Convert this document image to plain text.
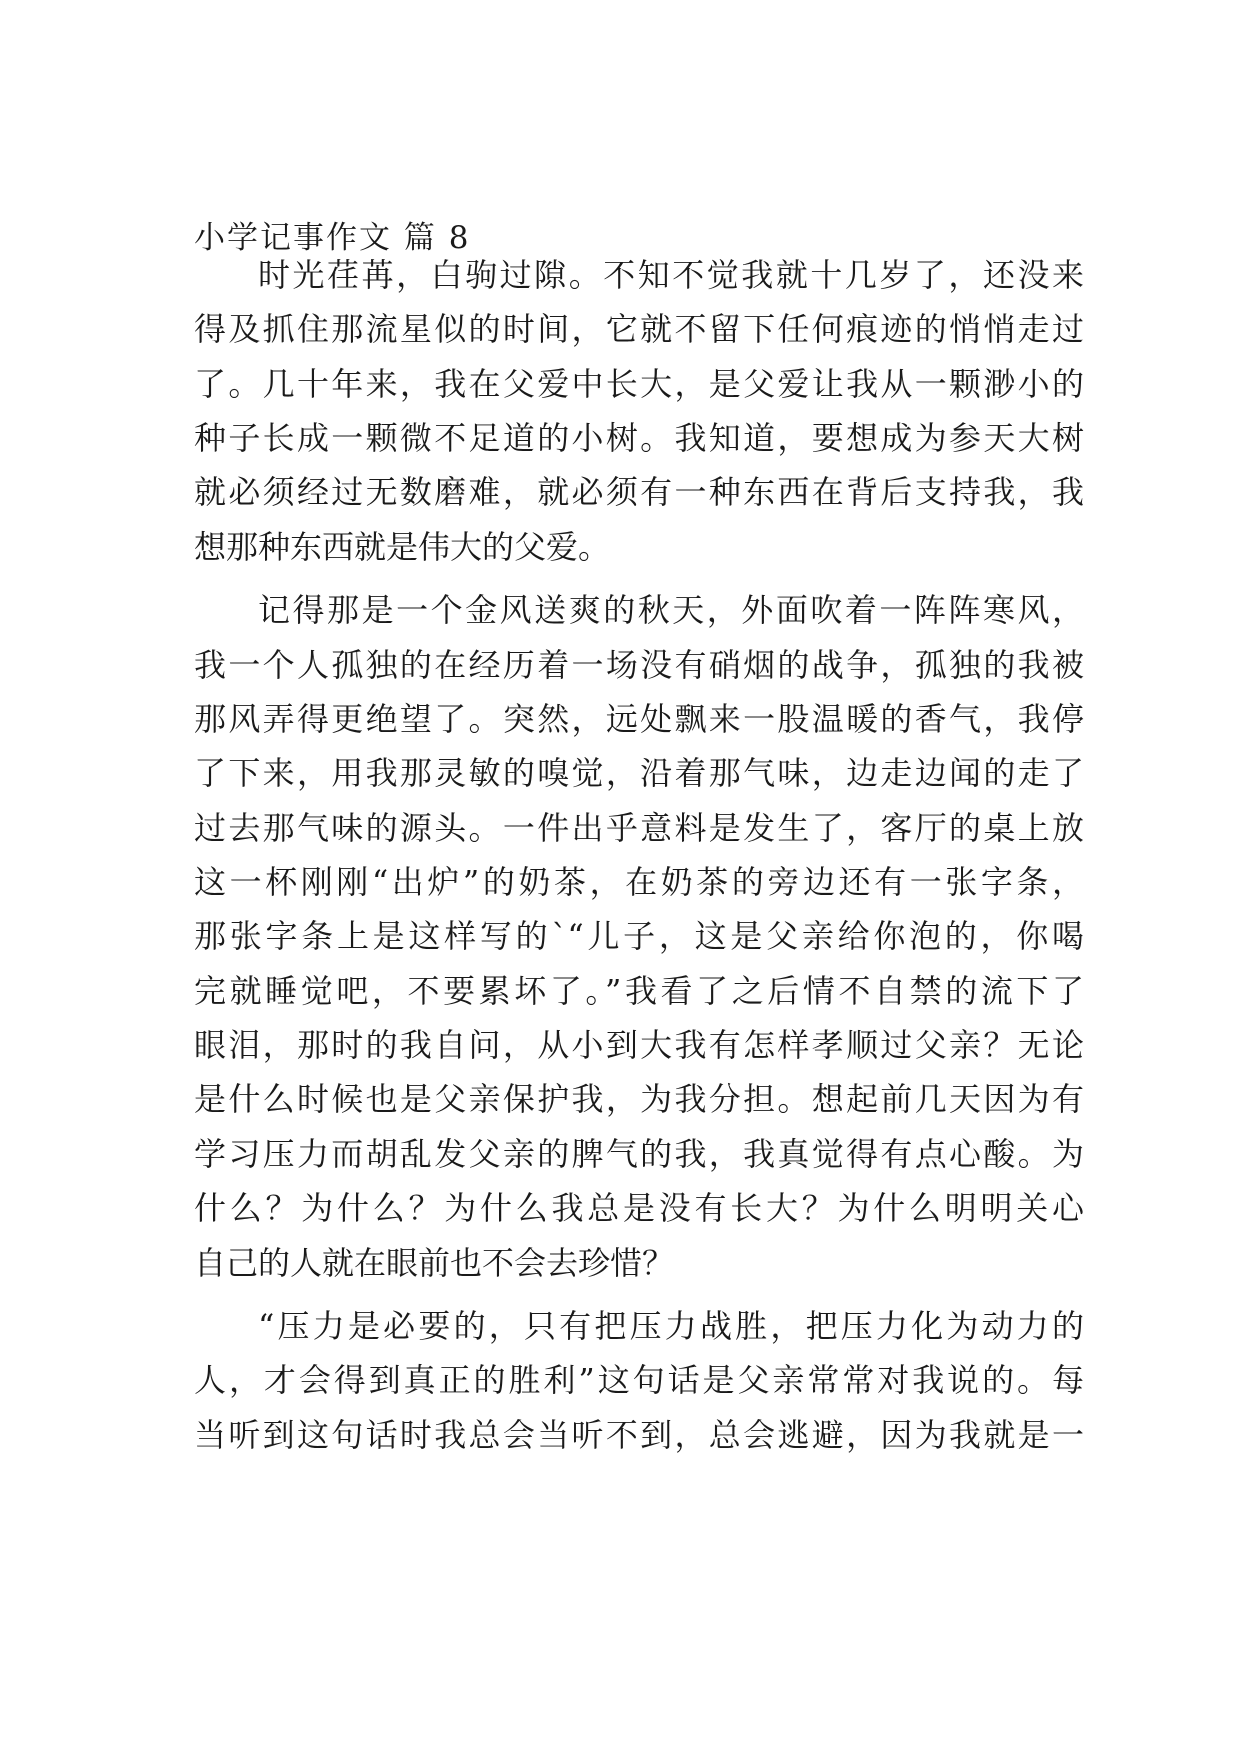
小学记事作文 篇 8
时光荏苒，白驹过隙。不知不觉我就十几岁了，还没来
得及抓住那流星似的时间，它就不留下任何痕迹的悄悄走过
了。几十年来，我在父爱中长大，是父爱让我从一颗渺小的
种子长成一颗微不足道的小树。我知道，要想成为参天大树
就必须经过无数磨难，就必须有一种东西在背后支持我，我
想那种东西就是伟大的父爱。
记得那是一个金风送爽的秋天，外面吹着一阵阵寒风，
我一个人孤独的在经历着一场没有硝烟的战争，孤独的我被
那风弄得更绝望了。突然，远处飘来一股温暖的香气，我停
了下来，用我那灵敏的嗅觉，沿着那气味，边走边闻的走了
过去那气味的源头。一件出乎意料是发生了，客厅的桌上放
这一杯刚刚“出炉”的奶茶，在奶茶的旁边还有一张字条，
那张字条上是这样写的`“儿子，这是父亲给你泡的，你喝
完就睡觉吧，不要累坏了。”我看了之后情不自禁的流下了
眼泪，那时的我自问，从小到大我有怎样孝顺过父亲？无论
是什么时候也是父亲保护我，为我分担。想起前几天因为有
学习压力而胡乱发父亲的脾气的我，我真觉得有点心酸。为
什么？为什么？为什么我总是没有长大？为什么明明关心
自己的人就在眼前也不会去珍惜？
“压力是必要的，只有把压力战胜，把压力化为动力的
人，才会得到真正的胜利”这句话是父亲常常对我说的。每
当听到这句话时我总会当听不到，总会逃避，因为我就是一
